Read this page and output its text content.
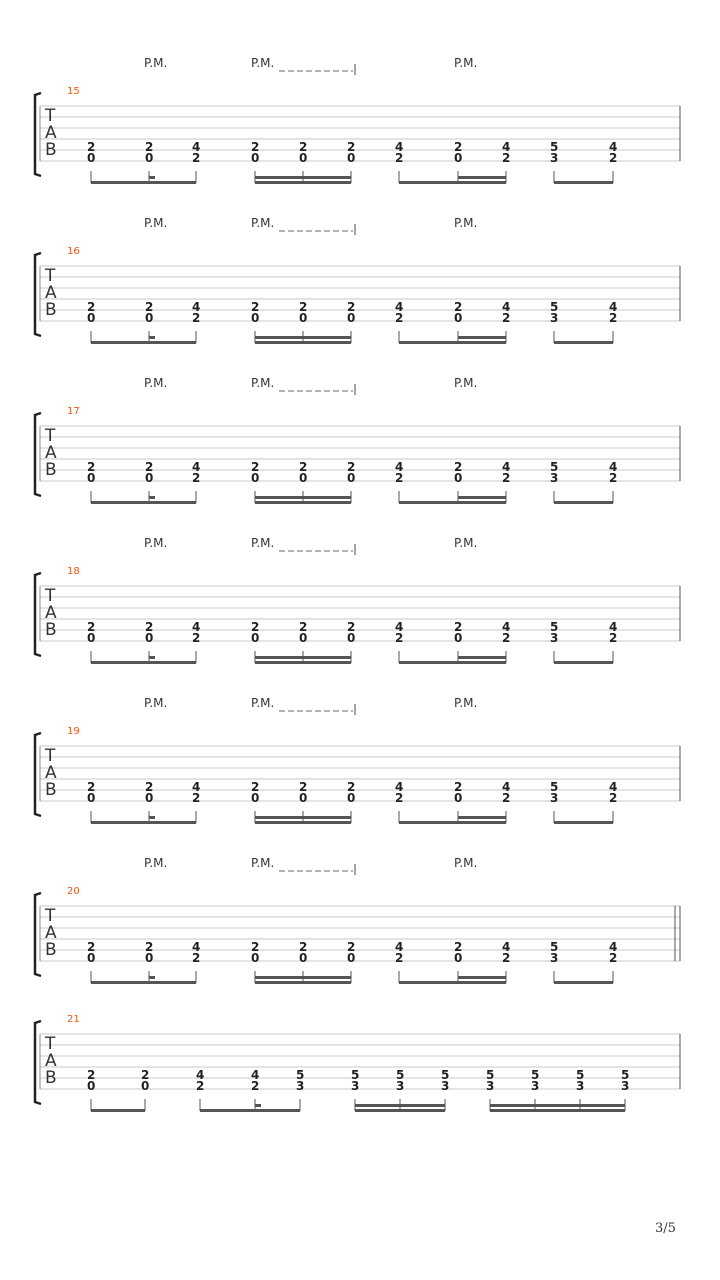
P.M.	P.M.	P.M.
15
T
A
B	2
0
2
0
4
2
2
0
2
0
2
0
4
2
2
0
4
2
5
3
4
2
P.M.	P.M.	P.M.
16
T
A
B	2
0
2
0
4
2
2
0
2
0
2
0
4
2
2
0
4
2
5
3
4
2
P.M.	P.M.	P.M.
17
T
A
B	2
0
2
0
4
2
2
0
2
0
2
0
4
2
2
0
4
2
5
3
4
2
P.M.	P.M.	P.M.
18
T
A
B	2
0
2
0
4
2
2
0
2
0
2
0
4
2
2
0
4
2
5
3
4
2
P.M.	P.M.	P.M.
19
T
A
B	2
0
2
0
4
2
2
0
2
0
2
0
4
2
2
0
4
2
5
3
4
2
P.M.	P.M.	P.M.
20
T
A
B	2
0
2
0
4
2
2
0
2
0
2
0
4
2
2
0
4
2
5
3
4
2
21
T
A
B	2
0
2
0
4
2
4
2
5
3
5
3
5
3
5
3
5
3
5
3
5
3
5
3
3/5
